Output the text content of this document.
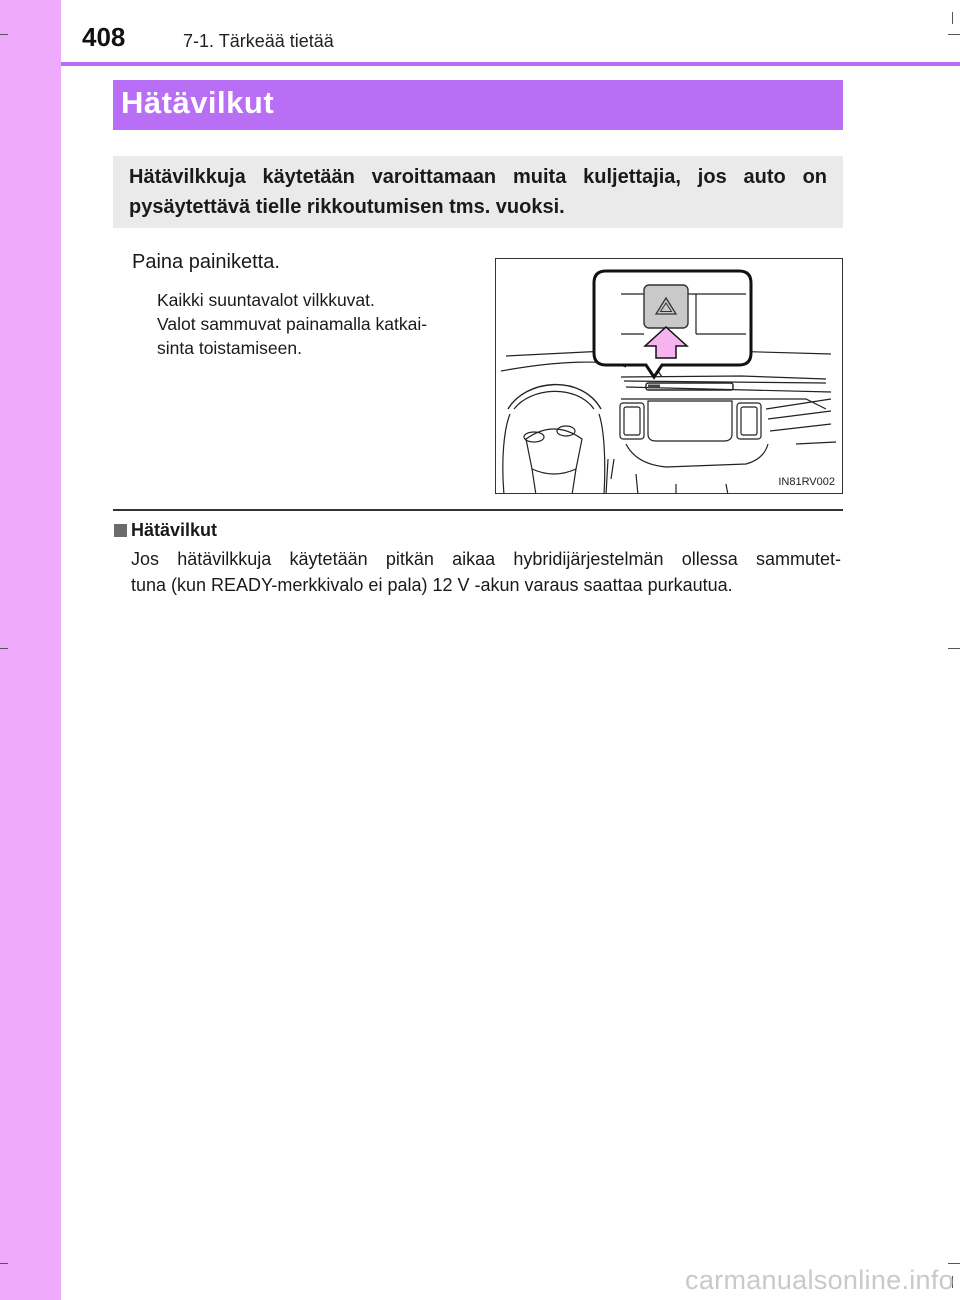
408	7-1. Tärkeää tietää
Hätävilkut
Hätävilkkuja käytetään varoittamaan muita kuljettajia, jos auto on pysäytettävä tielle rikkoutumisen tms. vuoksi.
Paina painiketta.
Kaikki suuntavalot vilkkuvat.
Valot sammuvat painamalla katkai-
sinta toistamiseen.
IN81RV002
Hätävilkut
Jos hätävilkkuja käytetään pitkän aikaa hybridijärjestelmän ollessa sammutet-
tuna (kun READY-merkkivalo ei pala) 12 V -akun varaus saattaa purkautua.
carmanualsonline.info
